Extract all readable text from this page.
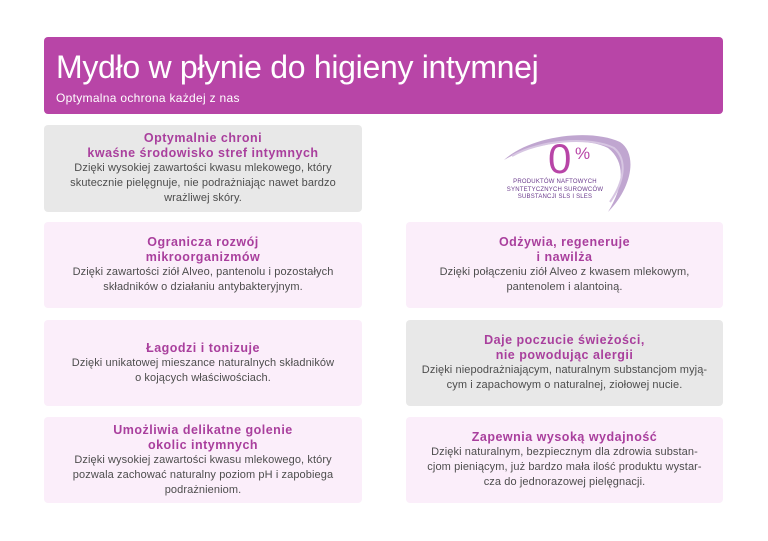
Mydło w płynie do higieny intymnej
Optymalna ochrona każdej z nas
Optymalnie chroni
kwaśne środowisko stref intymnych
Dzięki wysokiej zawartości kwasu mlekowego, który
skutecznie pielęgnuje, nie podrażniając nawet bardzo
wrażliwej skóry.
0 %
PRODUKTÓW NAFTOWYCH
SYNTETYCZNYCH SUROWCÓW
SUBSTANCJI SLS I SLES
Ogranicza rozwój
mikroorganizmów
Dzięki zawartości ziół Alveo, pantenolu i pozostałych
składników o działaniu antybakteryjnym.
Odżywia, regeneruje
i nawilża
Dzięki połączeniu ziół Alveo z kwasem mlekowym,
pantenolem i alantoiną.
Łagodzi i tonizuje
Dzięki unikatowej mieszance naturalnych składników
o kojących właściwościach.
Daje poczucie świeżości,
nie powodując alergii
Dzięki niepodrażniającym, naturalnym substancjom myją-
cym i zapachowym o naturalnej, ziołowej nucie.
Umożliwia delikatne golenie
okolic intymnych
Dzięki wysokiej zawartości kwasu mlekowego, który
pozwala zachować naturalny poziom pH i zapobiega
podrażnieniom.
Zapewnia wysoką wydajność
Dzięki naturalnym, bezpiecznym dla zdrowia substan-
cjom pieniącym, już bardzo mała ilość produktu wystar-
cza do jednorazowej pielęgnacji.
